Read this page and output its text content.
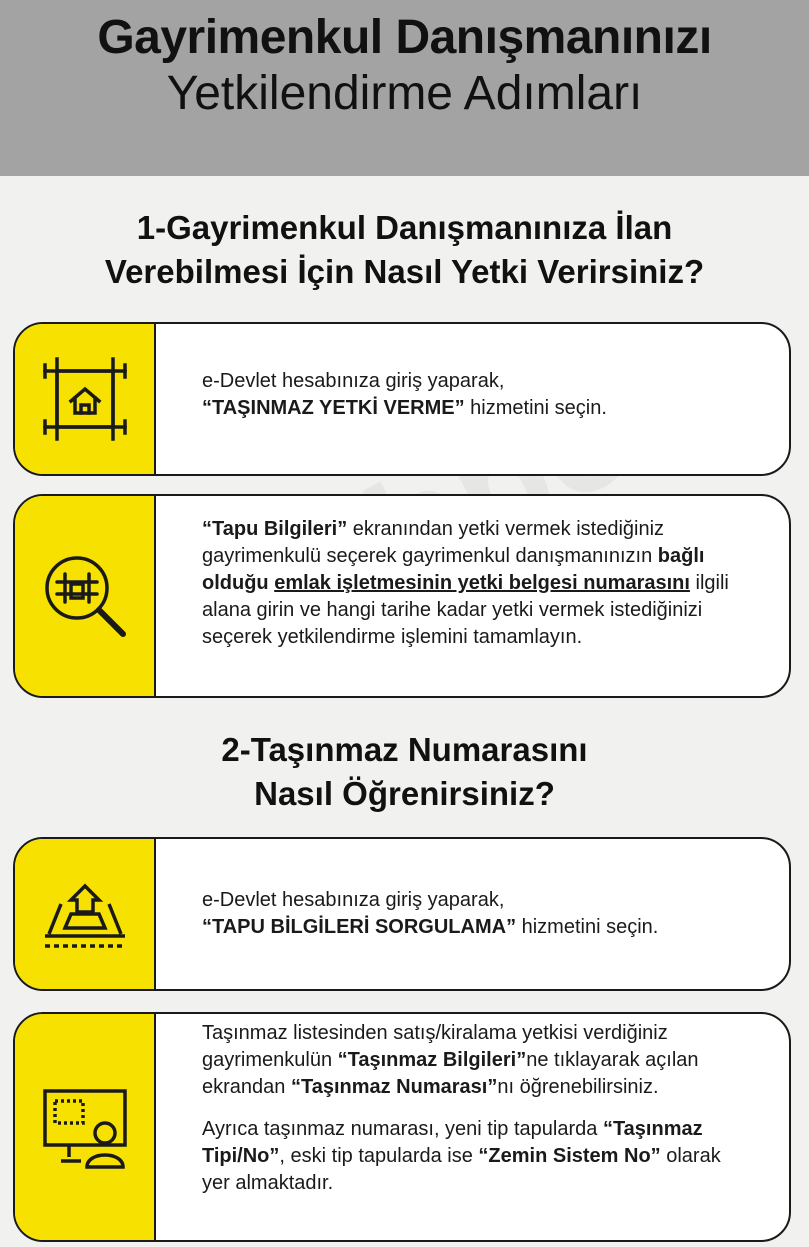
Gayrimenkul Danışmanınızı
Yetkilendirme Adımları
1-Gayrimenkul Danışmanınıza İlan
Verebilmesi İçin Nasıl Yetki Verirsiniz?
e-Devlet hesabınıza giriş yaparak,
“TAŞINMAZ YETKİ VERME” hizmetini seçin.
“Tapu Bilgileri” ekranından yetki vermek istediğiniz gayrimenkulü seçerek gayrimenkul danışmanınızın bağlı olduğu emlak işletmesinin yetki belgesi numarasını ilgili alana girin ve hangi tarihe kadar yetki vermek istediğinizi seçerek yetkilendirme işlemini tamamlayın.
2-Taşınmaz Numarasını
Nasıl Öğrenirsiniz?
e-Devlet hesabınıza giriş yaparak,
“TAPU BİLGİLERİ SORGULAMA” hizmetini seçin.

Taşınmaz listesinden satış/kiralama yetkisi verdiğiniz gayrimenkulün “Taşınmaz Bilgileri”ne tıklayarak açılan ekrandan “Taşınmaz Numarası”nı öğrenebilirsiniz.

Ayrıca taşınmaz numarası, yeni tip tapularda “Taşınmaz Tipi/No”, eski tip tapularda ise “Zemin Sistem No” olarak yer almaktadır.
